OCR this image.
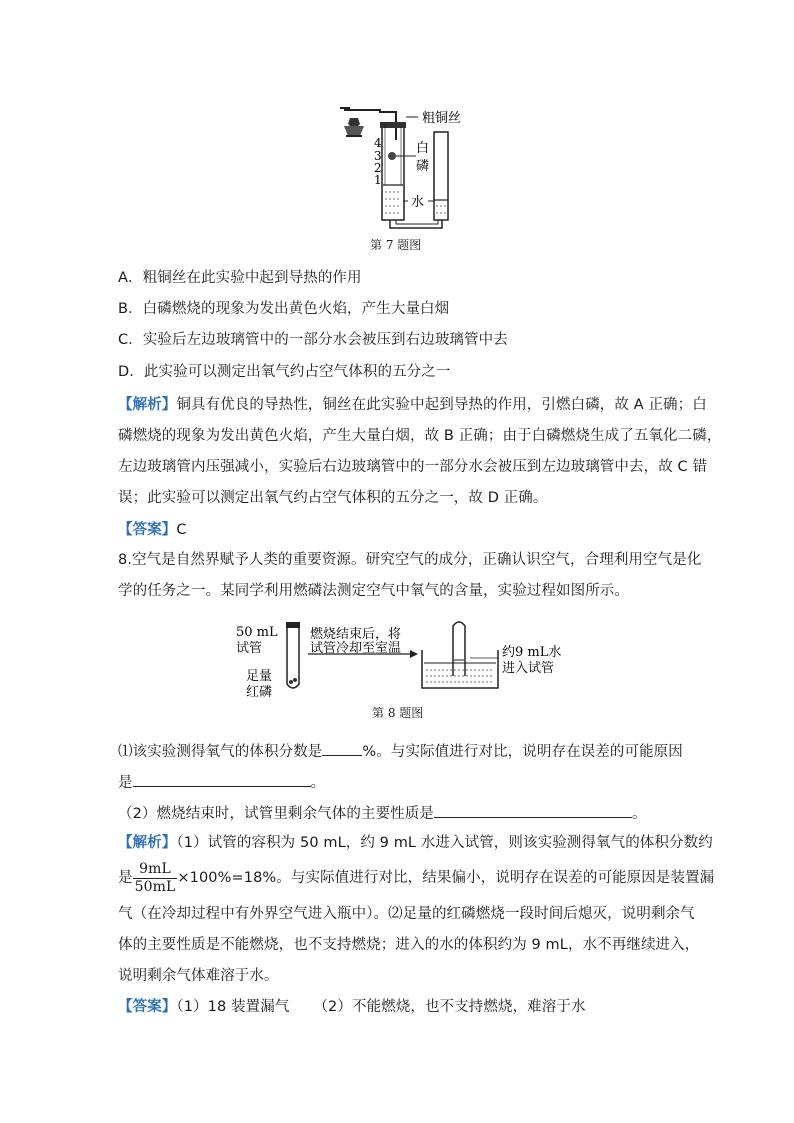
粗铜丝
白
磷
水
4
3
2
1
第 7 题图
A．粗铜丝在此实验中起到导热的作用
B．白磷燃烧的现象为发出黄色火焰，产生大量白烟
C．实验后左边玻璃管中的一部分水会被压到右边玻璃管中去
D．此实验可以测定出氧气约占空气体积的五分之一
【解析】铜具有优良的导热性，铜丝在此实验中起到导热的作用，引燃白磷，故 A 正确；白
磷燃烧的现象为发出黄色火焰，产生大量白烟，故 B 正确；由于白磷燃烧生成了五氧化二磷，
左边玻璃管内压强减小，实验后右边玻璃管中的一部分水会被压到左边玻璃管中去，故 C 错
误；此实验可以测定出氧气约占空气体积的五分之一，故 D 正确。
【答案】C
8.空气是自然界赋予人类的重要资源。研究空气的成分，正确认识空气，合理利用空气是化
学的任务之一。某同学利用燃磷法测定空气中氧气的含量，实验过程如图所示。
50 mL
试管
足量
红磷
燃烧结束后，将
试管冷却至室温	约9 mL水
进入试管
第 8 题图
⑴该实验测得氧气的体积分数是	%。与实际值进行对比，说明存在误差的可能原因
是	。
（2）燃烧结束时，试管里剩余气体的主要性质是	。
【解析】（1）试管的容积为 50 mL，约 9 mL 水进入试管，则该实验测得氧气的体积分数约
是 $\frac{9mL}{50mL} \times 100\%=18\%$。与实际值进行对比，结果偏小，说明存在误差的可能原因是装置漏
气（在冷却过程中有外界空气进入瓶中）。⑵足量的红磷燃烧一段时间后熄灭，说明剩余气
体的主要性质是不能燃烧，也不支持燃烧；进入的水的体积约为 9 mL，水不再继续进入，
说明剩余气体难溶于水。
【答案】（1）18 装置漏气 （2）不能燃烧，也不支持燃烧，难溶于水
